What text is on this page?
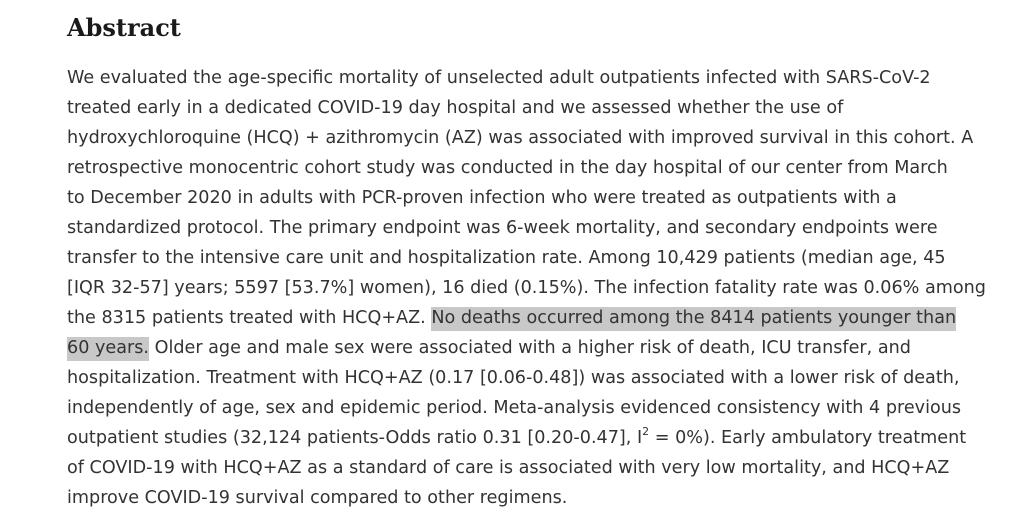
Abstract
We evaluated the age-specific mortality of unselected adult outpatients infected with SARS-CoV-2
treated early in a dedicated COVID-19 day hospital and we assessed whether the use of
hydroxychloroquine (HCQ) + azithromycin (AZ) was associated with improved survival in this cohort. A
retrospective monocentric cohort study was conducted in the day hospital of our center from March
to December 2020 in adults with PCR-proven infection who were treated as outpatients with a
standardized protocol. The primary endpoint was 6-week mortality, and secondary endpoints were
transfer to the intensive care unit and hospitalization rate. Among 10,429 patients (median age, 45
[IQR 32-57] years; 5597 [53.7%] women), 16 died (0.15%). The infection fatality rate was 0.06% among
the 8315 patients treated with HCQ+AZ. No deaths occurred among the 8414 patients younger than
60 years. Older age and male sex were associated with a higher risk of death, ICU transfer, and
hospitalization. Treatment with HCQ+AZ (0.17 [0.06-0.48]) was associated with a lower risk of death,
independently of age, sex and epidemic period. Meta-analysis evidenced consistency with 4 previous
outpatient studies (32,124 patients-Odds ratio 0.31 [0.20-0.47], $I^2 = 0\%$). Early ambulatory treatment
of COVID-19 with HCQ+AZ as a standard of care is associated with very low mortality, and HCQ+AZ
improve COVID-19 survival compared to other regimens.
